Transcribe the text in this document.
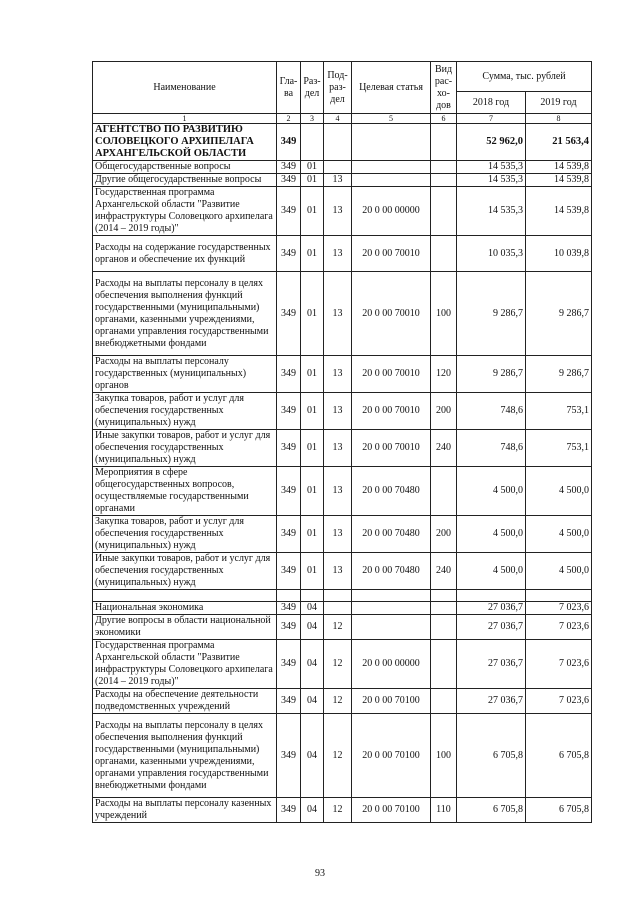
Наименование	Гла-ва	Раз-дел	Под-раз-дел	Целевая статья	Вид рас-хо-дов	Сумма, тыс. рублей	
						2018 год	2019 год
1	2	3	4	5	6	7	8
АГЕНТСТВО ПО РАЗВИТИЮ СОЛОВЕЦКОГО АРХИПЕЛАГА АРХАНГЕЛЬСКОЙ ОБЛАСТИ	349					52 962,0	21 563,4
Общегосударственные вопросы	349	01				14 535,3	14 539,8
Другие общегосударственные вопросы	349	01	13			14 535,3	14 539,8
Государственная программа Архангельской области "Развитие инфраструктуры Соловецкого архипелага (2014 – 2019 годы)"	349	01	13	20 0 00 00000		14 535,3	14 539,8
Расходы на содержание государственных органов и обеспечение их функций	349	01	13	20 0 00 70010		10 035,3	10 039,8
Расходы на выплаты персоналу в целях обеспечения выполнения функций государственными (муниципальными) органами, казенными учреждениями, органами управления государственными внебюджетными фондами	349	01	13	20 0 00 70010	100	9 286,7	9 286,7
Расходы на выплаты персоналу государственных (муниципальных) органов	349	01	13	20 0 00 70010	120	9 286,7	9 286,7
Закупка товаров, работ и услуг для обеспечения государственных (муниципальных) нужд	349	01	13	20 0 00 70010	200	748,6	753,1
Иные закупки товаров, работ и услуг для обеспечения государственных (муниципальных) нужд	349	01	13	20 0 00 70010	240	748,6	753,1
Мероприятия в сфере общегосударственных вопросов, осуществляемые государственными органами	349	01	13	20 0 00 70480		4 500,0	4 500,0
Закупка товаров, работ и услуг для обеспечения государственных (муниципальных) нужд	349	01	13	20 0 00 70480	200	4 500,0	4 500,0
Иные закупки товаров, работ и услуг для обеспечения государственных (муниципальных) нужд	349	01	13	20 0 00 70480	240	4 500,0	4 500,0

Национальная экономика	349	04				27 036,7	7 023,6
Другие вопросы в области национальной экономики	349	04	12			27 036,7	7 023,6
Государственная программа Архангельской области "Развитие инфраструктуры Соловецкого архипелага (2014 – 2019 годы)"	349	04	12	20 0 00 00000		27 036,7	7 023,6
Расходы на обеспечение деятельности подведомственных учреждений	349	04	12	20 0 00 70100		27 036,7	7 023,6
Расходы на выплаты персоналу в целях обеспечения выполнения функций государственными (муниципальными) органами, казенными учреждениями, органами управления государственными внебюджетными фондами	349	04	12	20 0 00 70100	100	6 705,8	6 705,8
Расходы на выплаты персоналу казенных учреждений	349	04	12	20 0 00 70100	110	6 705,8	6 705,8
93
